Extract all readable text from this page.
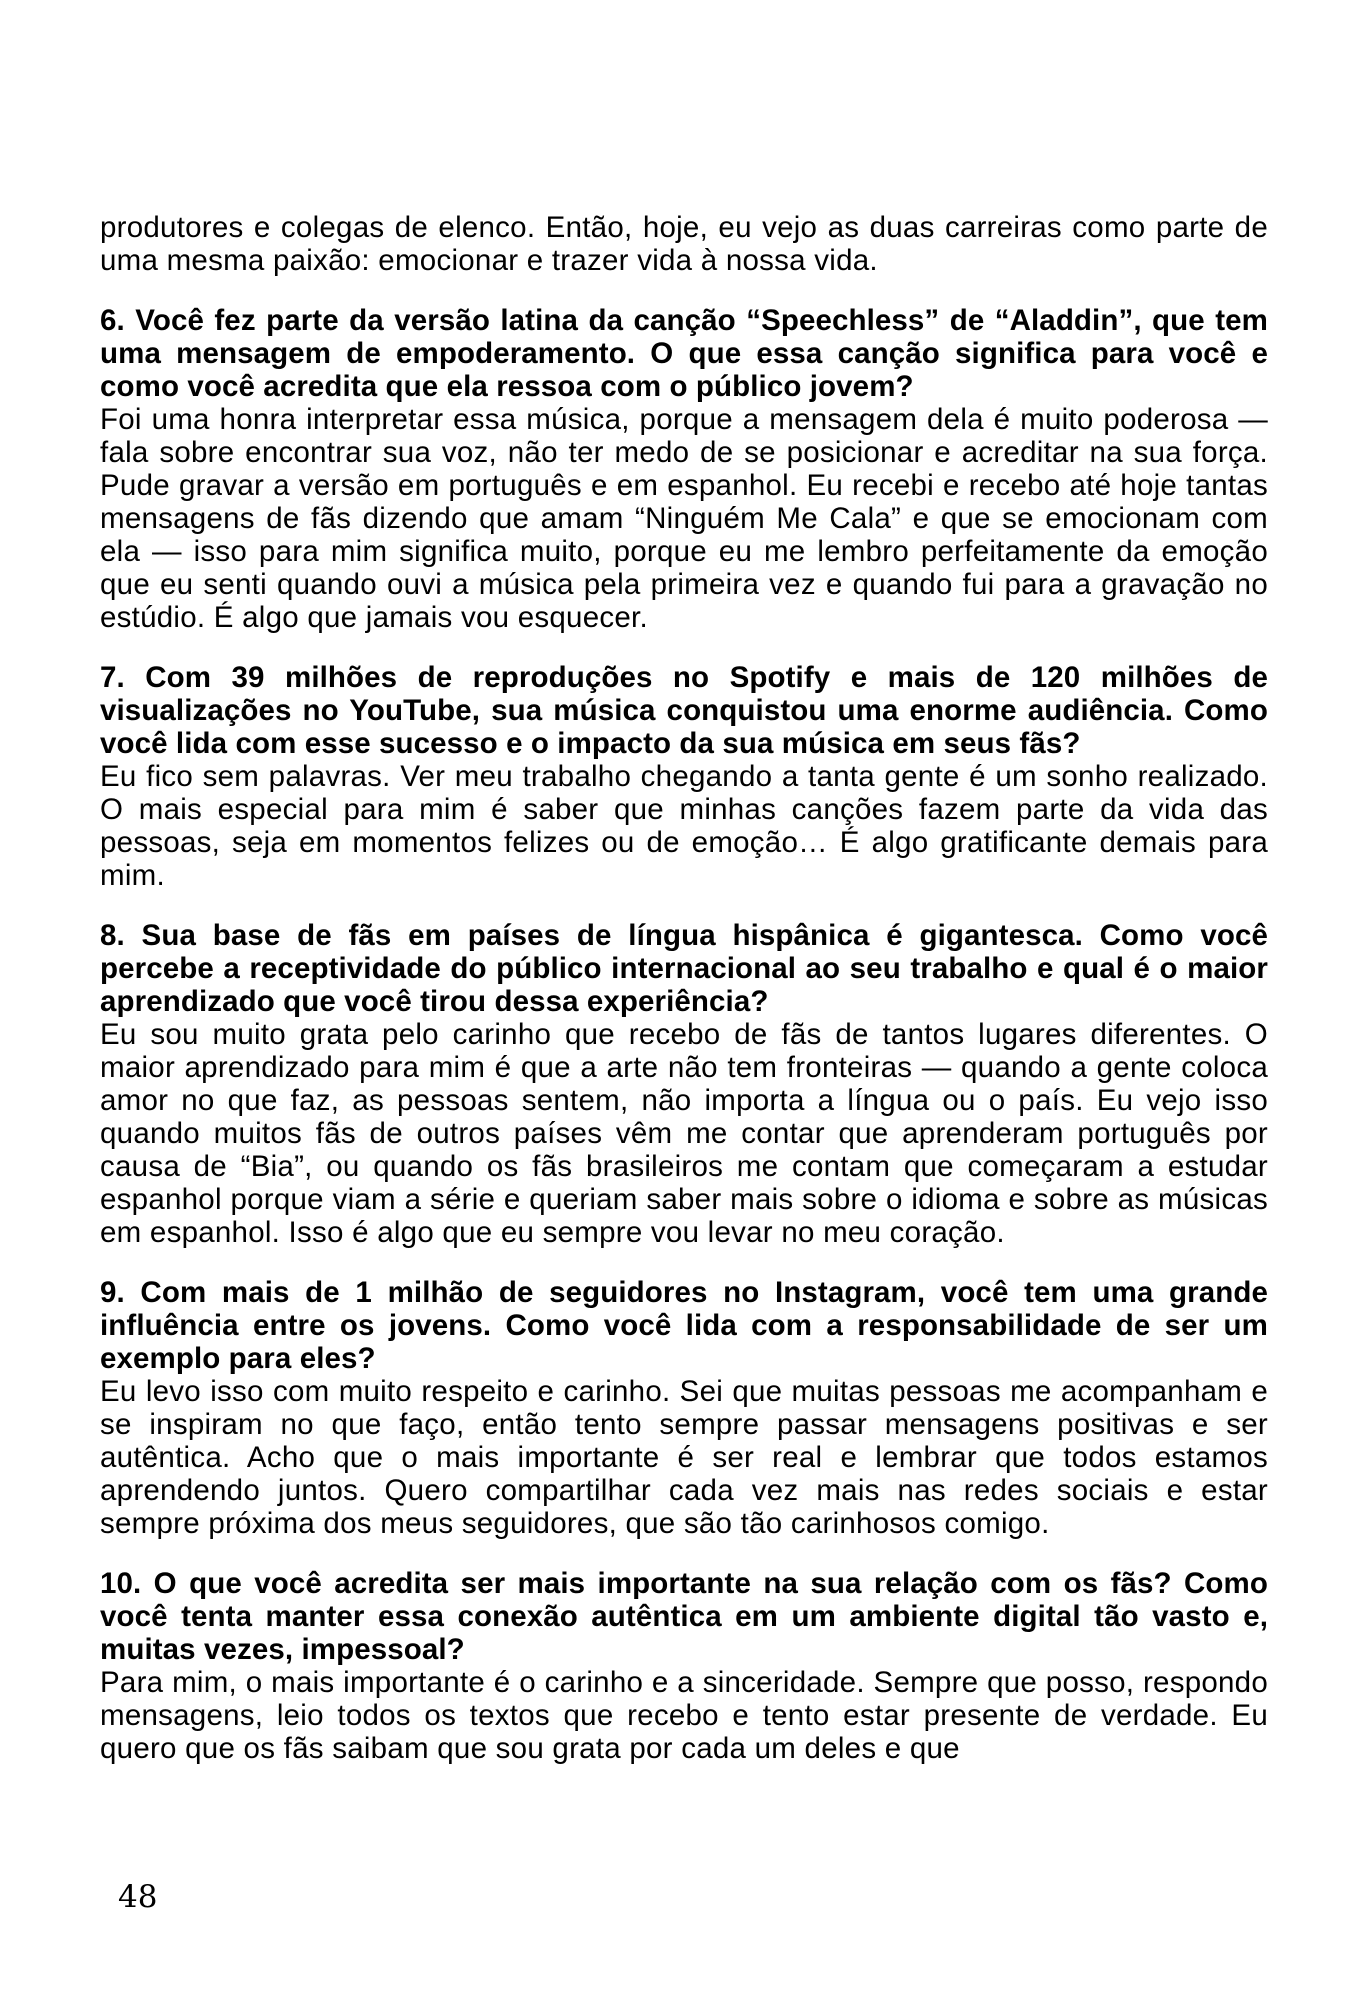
produtores e colegas de elenco. Então, hoje, eu vejo as duas carreiras como parte de uma mesma paixão: emocionar e trazer vida à nossa vida.

6. Você fez parte da versão latina da canção “Speechless” de “Aladdin”, que tem uma mensagem de empoderamento. O que essa canção significa para você e como você acredita que ela ressoa com o público jovem?

Foi uma honra interpretar essa música, porque a mensagem dela é muito poderosa — fala sobre encontrar sua voz, não ter medo de se posicionar e acreditar na sua força. Pude gravar a versão em português e em espanhol. Eu recebi e recebo até hoje tantas mensagens de fãs dizendo que amam “Ninguém Me Cala” e que se emocionam com ela — isso para mim significa muito, porque eu me lembro perfeitamente da emoção que eu senti quando ouvi a música pela primeira vez e quando fui para a gravação no estúdio. É algo que jamais vou esquecer.

7. Com 39 milhões de reproduções no Spotify e mais de 120 milhões de visualizações no YouTube, sua música conquistou uma enorme audiência. Como você lida com esse sucesso e o impacto da sua música em seus fãs?

Eu fico sem palavras. Ver meu trabalho chegando a tanta gente é um sonho realizado. O mais especial para mim é saber que minhas canções fazem parte da vida das pessoas, seja em momentos felizes ou de emoção… É algo gratificante demais para mim.

8. Sua base de fãs em países de língua hispânica é gigantesca. Como você percebe a receptividade do público internacional ao seu trabalho e qual é o maior aprendizado que você tirou dessa experiência?

Eu sou muito grata pelo carinho que recebo de fãs de tantos lugares diferentes. O maior aprendizado para mim é que a arte não tem fronteiras — quando a gente coloca amor no que faz, as pessoas sentem, não importa a língua ou o país. Eu vejo isso quando muitos fãs de outros países vêm me contar que aprenderam português por causa de “Bia”, ou quando os fãs brasileiros me contam que começaram a estudar espanhol porque viam a série e queriam saber mais sobre o idioma e sobre as músicas em espanhol. Isso é algo que eu sempre vou levar no meu coração.

9. Com mais de 1 milhão de seguidores no Instagram, você tem uma grande influência entre os jovens. Como você lida com a responsabilidade de ser um exemplo para eles?

Eu levo isso com muito respeito e carinho. Sei que muitas pessoas me acompanham e se inspiram no que faço, então tento sempre passar mensagens positivas e ser autêntica. Acho que o mais importante é ser real e lembrar que todos estamos aprendendo juntos. Quero compartilhar cada vez mais nas redes sociais e estar sempre próxima dos meus seguidores, que são tão carinhosos comigo.

10. O que você acredita ser mais importante na sua relação com os fãs? Como você tenta manter essa conexão autêntica em um ambiente digital tão vasto e, muitas vezes, impessoal?

Para mim, o mais importante é o carinho e a sinceridade. Sempre que posso, respondo mensagens, leio todos os textos que recebo e tento estar presente de verdade. Eu quero que os fãs saibam que sou grata por cada um deles e que

48
